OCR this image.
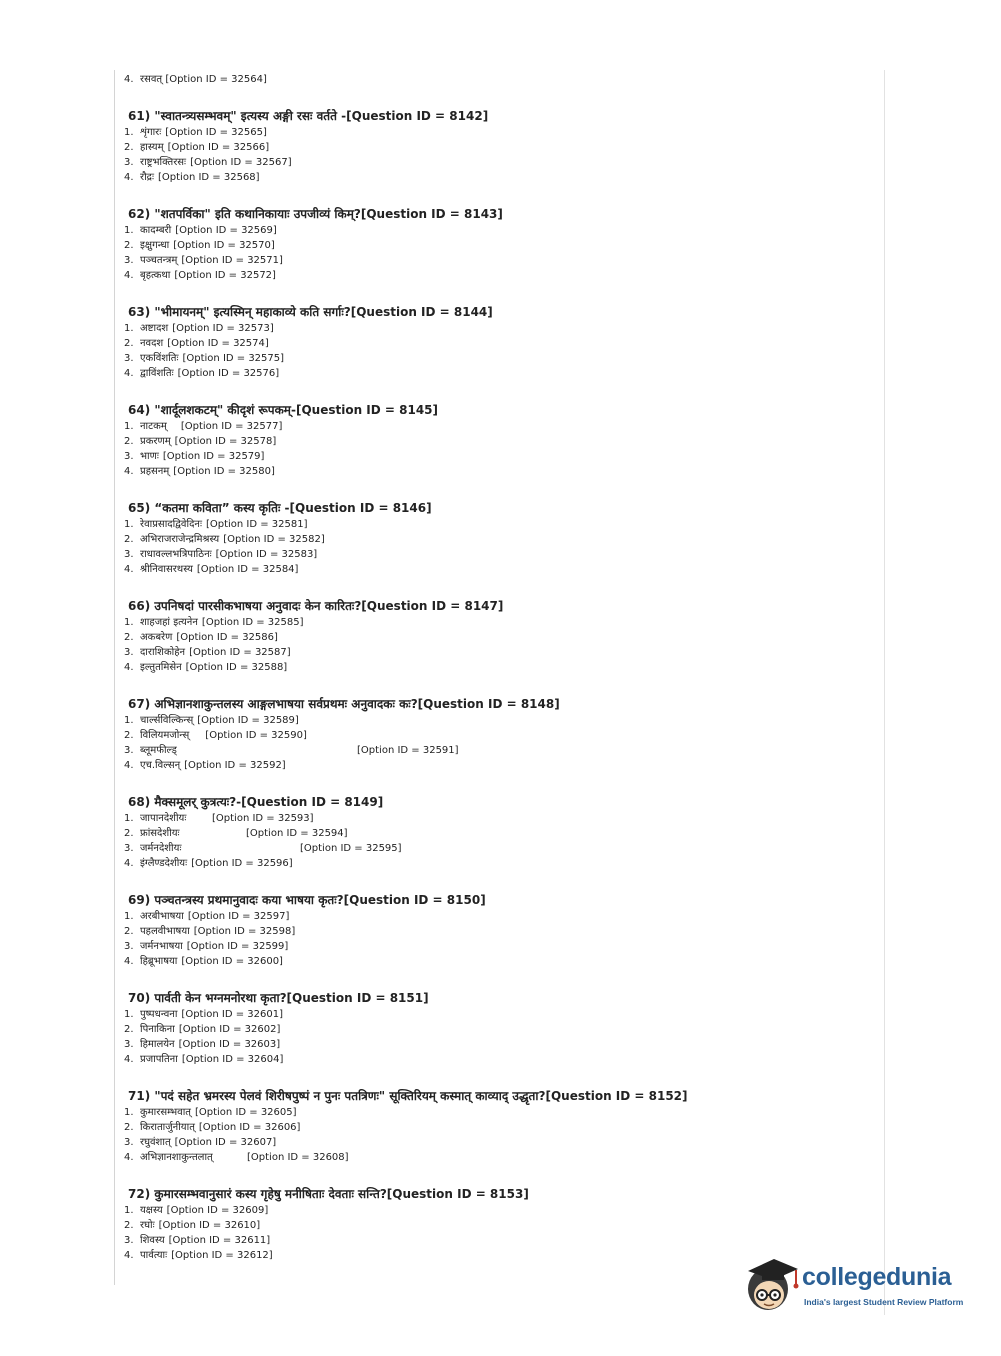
4. रसवत् [Option ID = 32564]
61) "स्वातन्त्र्यसम्भवम्" इत्यस्य अङ्गी रसः वर्तते -[Question ID = 8142]
1. शृंगारः [Option ID = 32565]
2. हास्यम् [Option ID = 32566]
3. राष्ट्रभक्तिरसः [Option ID = 32567]
4. रौद्रः [Option ID = 32568]
62) "शतपर्विका" इति कथानिकायाः उपजीव्यं किम्?[Question ID = 8143]
1. कादम्बरी [Option ID = 32569]
2. इक्षुगन्धा [Option ID = 32570]
3. पञ्चतन्त्रम् [Option ID = 32571]
4. बृहत्कथा [Option ID = 32572]
63) "भीमायनम्" इत्यस्मिन् महाकाव्ये कति सर्गाः?[Question ID = 8144]
1. अष्टादश [Option ID = 32573]
2. नवदश [Option ID = 32574]
3. एकविंशतिः [Option ID = 32575]
4. द्वाविंशतिः [Option ID = 32576]
64) "शार्दूलशकटम्" कीदृशं रूपकम्-[Question ID = 8145]
1. नाटकम् [Option ID = 32577]
2. प्रकरणम् [Option ID = 32578]
3. भाणः [Option ID = 32579]
4. प्रहसनम् [Option ID = 32580]
65) “कतमा कविता” कस्य कृतिः -[Question ID = 8146]
1. रेवाप्रसादद्विवेदिनः [Option ID = 32581]
2. अभिराजराजेन्द्रमिश्रस्य [Option ID = 32582]
3. राधावल्लभत्रिपाठिनः [Option ID = 32583]
4. श्रीनिवासरथस्य [Option ID = 32584]
66) उपनिषदां पारसीकभाषया अनुवादः केन कारितः?[Question ID = 8147]
1. शाहजहां इत्यनेन [Option ID = 32585]
2. अकबरेण [Option ID = 32586]
3. दाराशिकोहेन [Option ID = 32587]
4. इल्तुतमिसेन [Option ID = 32588]
67) अभिज्ञानशाकुन्तलस्य आङ्गलभाषया सर्वप्रथमः अनुवादकः कः?[Question ID = 8148]
1. चार्ल्सविल्किन्स् [Option ID = 32589]
2. विलियमजोन्स् [Option ID = 32590]
3. ब्लूमफील्ड्	[Option ID = 32591]
4. एच.विल्सन् [Option ID = 32592]
68) मैक्समूलर् कुत्रत्यः?-[Question ID = 8149]
1. जापानदेशीयः	[Option ID = 32593]
2. फ्रांसदेशीयः	[Option ID = 32594]
3. जर्मनदेशीयः	[Option ID = 32595]
4. इंग्लैण्डदेशीयः [Option ID = 32596]
69) पञ्चतन्त्रस्य प्रथमानुवादः कया भाषया कृतः?[Question ID = 8150]
1. अरबीभाषया [Option ID = 32597]
2. पहलवीभाषया [Option ID = 32598]
3. जर्मनभाषया [Option ID = 32599]
4. हिब्रूभाषया [Option ID = 32600]
70) पार्वती केन भग्नमनोरथा कृता?[Question ID = 8151]
1. पुष्पधन्वना [Option ID = 32601]
2. पिनाकिना [Option ID = 32602]
3. हिमालयेन [Option ID = 32603]
4. प्रजापतिना [Option ID = 32604]
71) "पदं सहेत भ्रमरस्य पेलवं शिरीषपुष्पं न पुनः पतत्रिणः" सूक्तिरियम् कस्मात् काव्याद् उद्धृता?[Question ID = 8152]
1. कुमारसम्भवात् [Option ID = 32605]
2. किरातार्जुनीयात् [Option ID = 32606]
3. रघुवंशात् [Option ID = 32607]
4. अभिज्ञानशाकुन्तलात्	[Option ID = 32608]
72) कुमारसम्भवानुसारं कस्य गृहेषु मनीषिताः देवताः सन्ति?[Question ID = 8153]
1. यक्षस्य [Option ID = 32609]
2. रघोः [Option ID = 32610]
3. शिवस्य [Option ID = 32611]
4. पार्वत्याः [Option ID = 32612]
collegedunia
India's largest Student Review Platform
